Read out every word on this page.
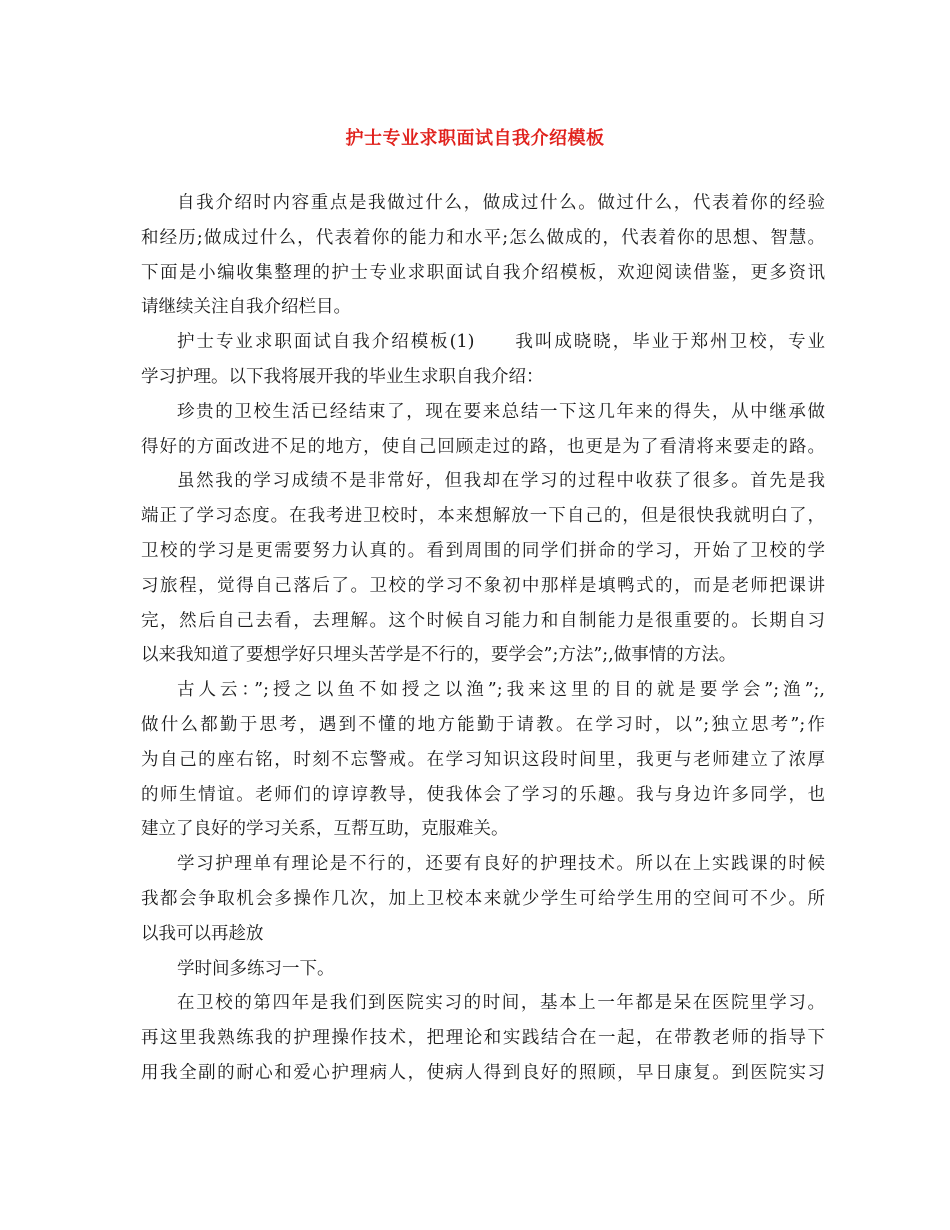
护士专业求职面试自我介绍模板
自我介绍时内容重点是我做过什么，做成过什么。做过什么，代表着你的经验
和经历;做成过什么，代表着你的能力和水平;怎么做成的，代表着你的思想、智慧。
下面是小编收集整理的护士专业求职面试自我介绍模板，欢迎阅读借鉴，更多资讯
请继续关注自我介绍栏目。
护士专业求职面试自我介绍模板(1)　　我叫成晓晓，毕业于郑州卫校，专业
学习护理。以下我将展开我的毕业生求职自我介绍：
珍贵的卫校生活已经结束了，现在要来总结一下这几年来的得失，从中继承做
得好的方面改进不足的地方，使自己回顾走过的路，也更是为了看清将来要走的路。
虽然我的学习成绩不是非常好，但我却在学习的过程中收获了很多。首先是我
端正了学习态度。在我考进卫校时，本来想解放一下自己的，但是很快我就明白了，
卫校的学习是更需要努力认真的。看到周围的同学们拼命的学习，开始了卫校的学
习旅程，觉得自己落后了。卫校的学习不象初中那样是填鸭式的，而是老师把课讲
完，然后自己去看，去理解。这个时候自习能力和自制能力是很重要的。长期自习
以来我知道了要想学好只埋头苦学是不行的，要学会”;方法”;,做事情的方法。
古人云：”;授之以鱼不如授之以渔”;我来这里的目的就是要学会”;渔”;,
做什么都勤于思考，遇到不懂的地方能勤于请教。在学习时，以”;独立思考”;作
为自己的座右铭，时刻不忘警戒。在学习知识这段时间里，我更与老师建立了浓厚
的师生情谊。老师们的谆谆教导，使我体会了学习的乐趣。我与身边许多同学，也
建立了良好的学习关系，互帮互助，克服难关。
学习护理单有理论是不行的，还要有良好的护理技术。所以在上实践课的时候
我都会争取机会多操作几次，加上卫校本来就少学生可给学生用的空间可不少。所
以我可以再趁放
学时间多练习一下。
在卫校的第四年是我们到医院实习的时间，基本上一年都是呆在医院里学习。
再这里我熟练我的护理操作技术，把理论和实践结合在一起，在带教老师的指导下
用我全副的耐心和爱心护理病人，使病人得到良好的照顾，早日康复。到医院实习
